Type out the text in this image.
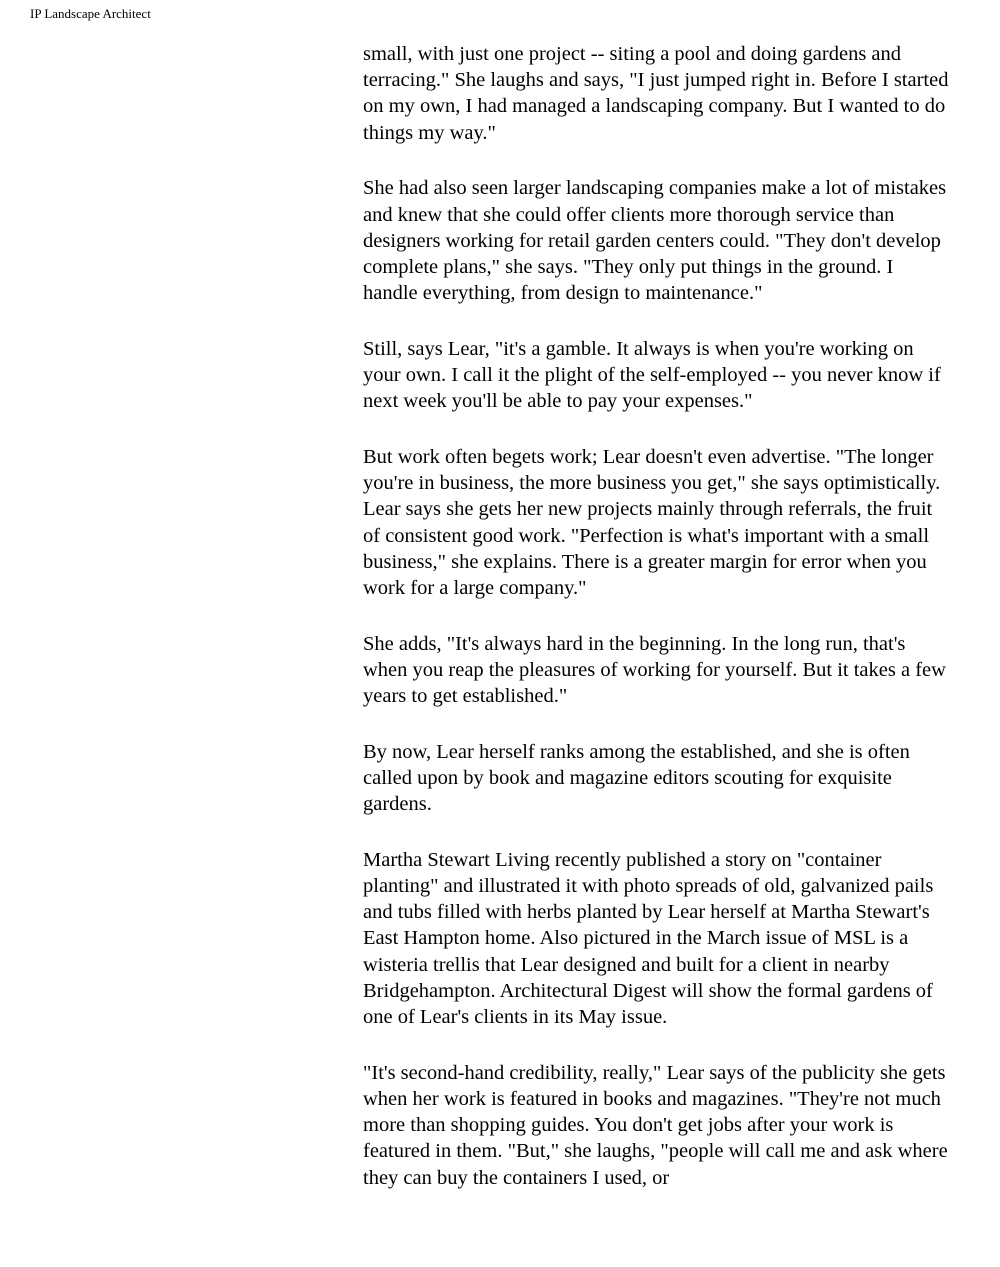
IP Landscape Architect

small, with just one project -- siting a pool and doing gardens and terracing." She laughs and says, "I just jumped right in. Before I started on my own, I had managed a landscaping company. But I wanted to do things my way."

She had also seen larger landscaping companies make a lot of mistakes and knew that she could offer clients more thorough service than designers working for retail garden centers could. "They don't develop complete plans," she says. "They only put things in the ground. I handle everything, from design to maintenance."

Still, says Lear, "it's a gamble. It always is when you're working on your own. I call it the plight of the self-employed -- you never know if next week you'll be able to pay your expenses."

But work often begets work; Lear doesn't even advertise. "The longer you're in business, the more business you get," she says optimistically. Lear says she gets her new projects mainly through referrals, the fruit of consistent good work. "Perfection is what's important with a small business," she explains. There is a greater margin for error when you work for a large company."

She adds, "It's always hard in the beginning. In the long run, that's when you reap the pleasures of working for yourself. But it takes a few years to get established."

By now, Lear herself ranks among the established, and she is often called upon by book and magazine editors scouting for exquisite gardens.

Martha Stewart Living recently published a story on "container planting" and illustrated it with photo spreads of old, galvanized pails and tubs filled with herbs planted by Lear herself at Martha Stewart's East Hampton home. Also pictured in the March issue of MSL is a wisteria trellis that Lear designed and built for a client in nearby Bridgehampton. Architectural Digest will show the formal gardens of one of Lear's clients in its May issue.

"It's second-hand credibility, really," Lear says of the publicity she gets when her work is featured in books and magazines. "They're not much more than shopping guides. You don't get jobs after your work is featured in them. "But," she laughs, "people will call me and ask where they can buy the containers I used, or
